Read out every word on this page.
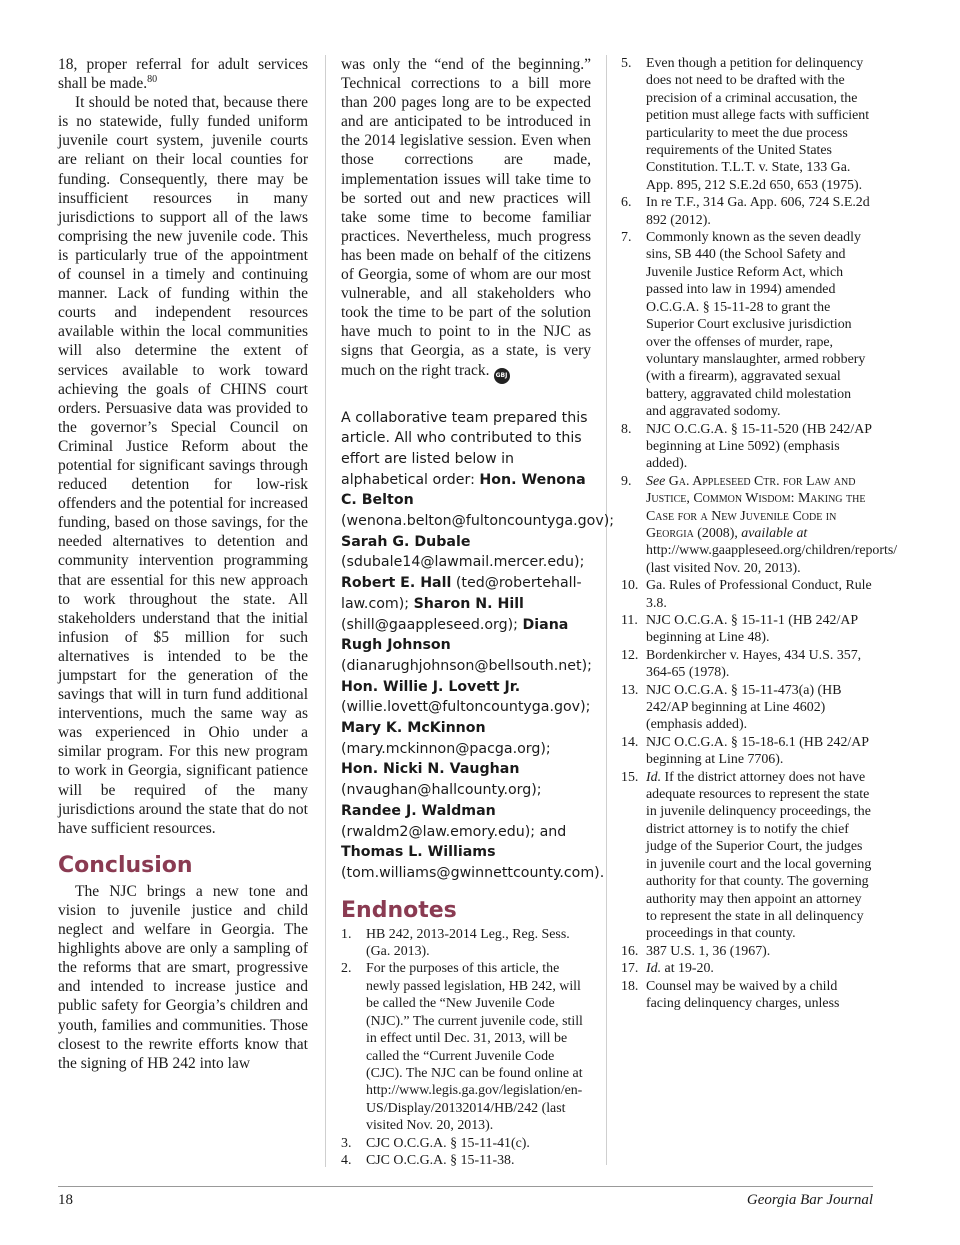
18, proper referral for adult services shall be made.$^{80}$

It should be noted that, because there is no statewide, fully funded uniform juvenile court system, juvenile courts are reliant on their local counties for funding. Consequently, there may be insufficient resources in many jurisdictions to support all of the laws comprising the new juvenile code. This is particularly true of the appointment of counsel in a timely and continuing manner. Lack of funding within the courts and independent resources available within the local communities will also determine the extent of services available to work toward achieving the goals of CHINS court orders. Persuasive data was provided to the governor’s Special Council on Criminal Justice Reform about the potential for significant savings through reduced detention for low-risk offenders and the potential for increased funding, based on those savings, for the needed alternatives to detention and community intervention programming that are essential for this new approach to work throughout the state. All stakeholders understand that the initial infusion of $5 million for such alternatives is intended to be the jumpstart for the generation of the savings that will in turn fund additional interventions, much the same way as was experienced in Ohio under a similar program. For this new program to work in Georgia, significant patience will be required of the many jurisdictions around the state that do not have sufficient resources.

Conclusion

The NJC brings a new tone and vision to juvenile justice and child neglect and welfare in Georgia. The highlights above are only a sampling of the reforms that are smart, progressive and intended to increase justice and public safety for Georgia’s children and youth, families and communities. Those closest to the rewrite efforts know that the signing of HB 242 into law

was only the “end of the beginning.” Technical corrections to a bill more than 200 pages long are to be expected and are anticipated to be introduced in the 2014 legislative session. Even when those corrections are made, implementation issues will take time to be sorted out and new practices will take some time to become familiar practices. Nevertheless, much progress has been made on behalf of the citizens of Georgia, some of whom are our most vulnerable, and all stakeholders who took the time to be part of the solution have much to point to in the NJC as signs that Georgia, as a state, is very much on the right track. GBJ

A collaborative team prepared this article. All who contributed to this effort are listed below in alphabetical order: Hon. Wenona C. Belton (wenona.belton@fultoncountyga.gov); Sarah G. Dubale (sdubale14@lawmail.mercer.edu); Robert E. Hall (ted@robertehall-law.com); Sharon N. Hill (shill@gaappleseed.org); Diana Rugh Johnson (dianarughjohnson@bellsouth.net); Hon. Willie J. Lovett Jr. (willie.lovett@fultoncountyga.gov); Mary K. McKinnon (mary.mckinnon@pacga.org); Hon. Nicki N. Vaughan (nvaughan@hallcounty.org); Randee J. Waldman (rwaldm2@law.emory.edu); and Thomas L. Williams (tom.williams@gwinnettcounty.com).
Endnotes
1.	HB 242, 2013-2014 Leg., Reg. Sess. (Ga. 2013).
2.	For the purposes of this article, the newly passed legislation, HB 242, will be called the “New Juvenile Code (NJC).” The current juvenile code, still in effect until Dec. 31, 2013, will be called the “Current Juvenile Code (CJC). The NJC can be found online at http://www.legis.ga.gov/legislation/en-US/Display/20132014/HB/242 (last visited Nov. 20, 2013).
3.	CJC O.C.G.A. § 15-11-41(c).
4.	CJC O.C.G.A. § 15-11-38.
5.	Even though a petition for delinquency does not need to be drafted with the precision of a criminal accusation, the petition must allege facts with sufficient particularity to meet the due process requirements of the United States Constitution. T.L.T. v. State, 133 Ga. App. 895, 212 S.E.2d 650, 653 (1975).
6.	In re T.F., 314 Ga. App. 606, 724 S.E.2d 892 (2012).
7.	Commonly known as the seven deadly sins, SB 440 (the School Safety and Juvenile Justice Reform Act, which passed into law in 1994) amended O.C.G.A. § 15-11-28 to grant the Superior Court exclusive jurisdiction over the offenses of murder, rape, voluntary manslaughter, armed robbery (with a firearm), aggravated sexual battery, aggravated child molestation and aggravated sodomy.
8.	NJC O.C.G.A. § 15-11-520 (HB 242/AP beginning at Line 5092) (emphasis added).
9.	See Ga. Appleseed Ctr. for Law and Justice, Common Wisdom: Making the Case for a New Juvenile Code in Georgia (2008), available at http://www.gaappleseed.org/children/reports/ (last visited Nov. 20, 2013).
10. Ga. Rules of Professional Conduct, Rule 3.8.
11. NJC O.C.G.A. § 15-11-1 (HB 242/AP beginning at Line 48).
12. Bordenkircher v. Hayes, 434 U.S. 357, 364-65 (1978).
13. NJC O.C.G.A. § 15-11-473(a) (HB 242/AP beginning at Line 4602) (emphasis added).
14. NJC O.C.G.A. § 15-18-6.1 (HB 242/AP beginning at Line 7706).
15. Id. If the district attorney does not have adequate resources to represent the state in juvenile delinquency proceedings, the district attorney is to notify the chief judge of the Superior Court, the judges in juvenile court and the local governing authority for that county. The governing authority may then appoint an attorney to represent the state in all delinquency proceedings in that county.
16. 387 U.S. 1, 36 (1967).
17. Id. at 19-20.
18. Counsel may be waived by a child facing delinquency charges, unless
18	Georgia Bar Journal
